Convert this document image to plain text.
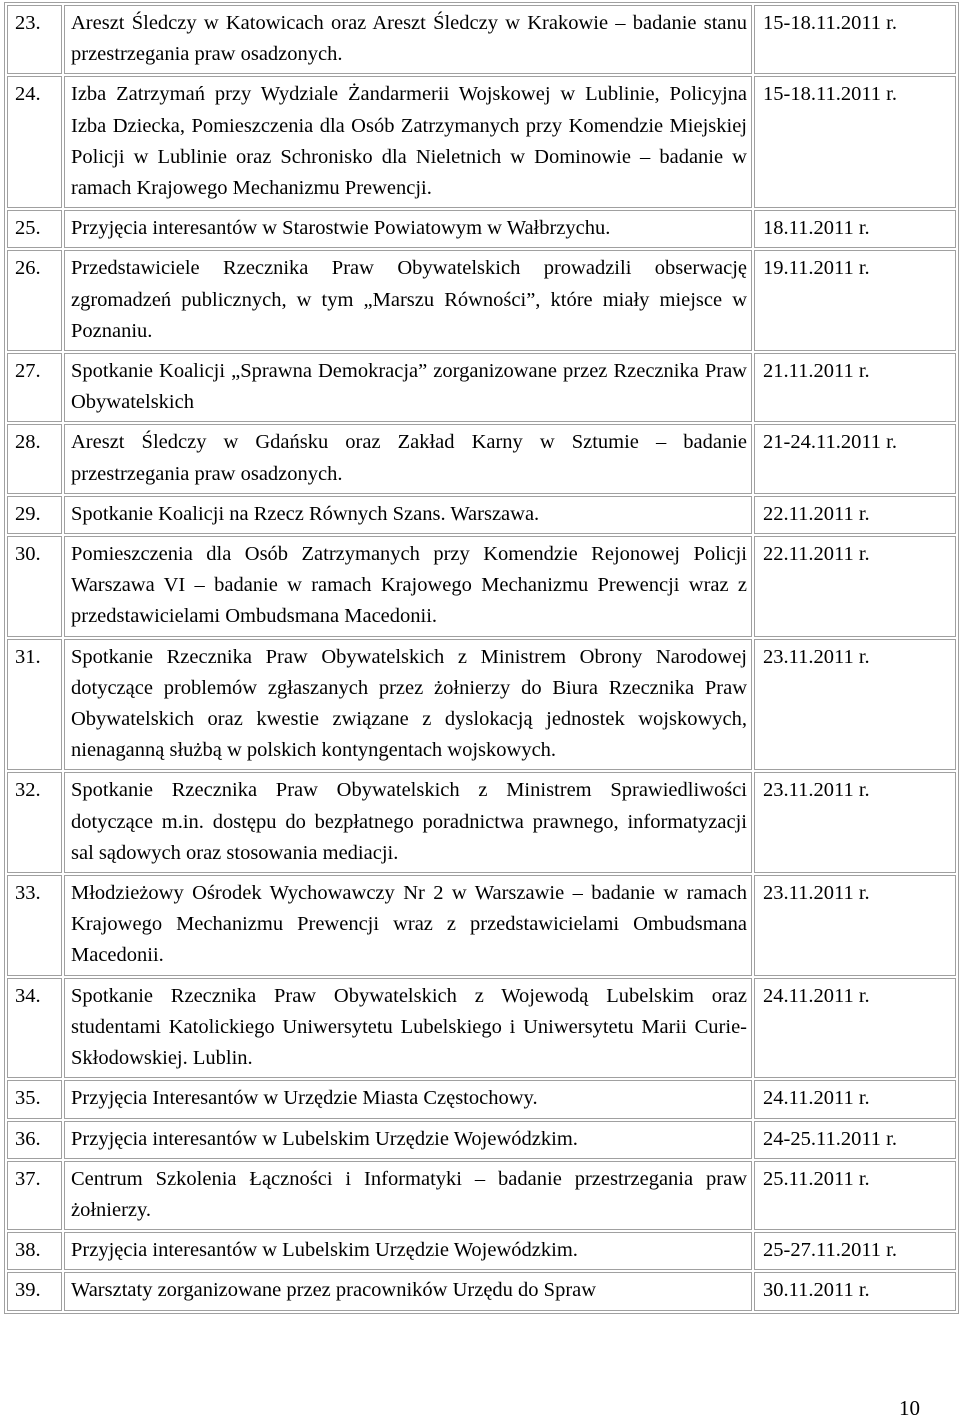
23.	Areszt Śledczy w Katowicach oraz Areszt Śledczy w Krakowie – badanie stanu przestrzegania praw osadzonych.	15-18.11.2011 r.
24.	Izba Zatrzymań przy Wydziale Żandarmerii Wojskowej w Lublinie, Policyjna Izba Dziecka, Pomieszczenia dla Osób Zatrzymanych przy Komendzie Miejskiej Policji w Lublinie oraz Schronisko dla Nieletnich w Dominowie – badanie w ramach Krajowego Mechanizmu Prewencji.	15-18.11.2011 r.
25.	Przyjęcia interesantów w Starostwie Powiatowym w Wałbrzychu.	18.11.2011 r.
26.	Przedstawiciele Rzecznika Praw Obywatelskich prowadzili obserwację zgromadzeń publicznych, w tym „Marszu Równości”, które miały miejsce w Poznaniu.	19.11.2011 r.
27.	Spotkanie Koalicji „Sprawna Demokracja” zorganizowane przez Rzecznika Praw Obywatelskich	21.11.2011 r.
28.	Areszt Śledczy w Gdańsku oraz Zakład Karny w Sztumie – badanie przestrzegania praw osadzonych.	21-24.11.2011 r.
29.	Spotkanie Koalicji na Rzecz Równych Szans. Warszawa.	22.11.2011 r.
30.	Pomieszczenia dla Osób Zatrzymanych przy Komendzie Rejonowej Policji Warszawa VI – badanie w ramach Krajowego Mechanizmu Prewencji wraz z przedstawicielami Ombudsmana Macedonii.	22.11.2011 r.
31.	Spotkanie Rzecznika Praw Obywatelskich z Ministrem Obrony Narodowej dotyczące problemów zgłaszanych przez żołnierzy do Biura Rzecznika Praw Obywatelskich oraz kwestie związane z dyslokacją jednostek wojskowych, nienaganną służbą w polskich kontyngentach wojskowych.	23.11.2011 r.
32.	Spotkanie Rzecznika Praw Obywatelskich z Ministrem Sprawiedliwości dotyczące m.in. dostępu do bezpłatnego poradnictwa prawnego, informatyzacji sal sądowych oraz stosowania mediacji.	23.11.2011 r.
33.	Młodzieżowy Ośrodek Wychowawczy Nr 2 w Warszawie – badanie w ramach Krajowego Mechanizmu Prewencji wraz z przedstawicielami Ombudsmana Macedonii.	23.11.2011 r.
34.	Spotkanie Rzecznika Praw Obywatelskich z Wojewodą Lubelskim oraz studentami Katolickiego Uniwersytetu Lubelskiego i Uniwersytetu Marii Curie-Skłodowskiej. Lublin.	24.11.2011 r.
35.	Przyjęcia Interesantów w Urzędzie Miasta Częstochowy.	24.11.2011 r.
36.	Przyjęcia interesantów w Lubelskim Urzędzie Wojewódzkim.	24-25.11.2011 r.
37.	Centrum Szkolenia Łączności i Informatyki – badanie przestrzegania praw żołnierzy.	25.11.2011 r.
38.	Przyjęcia interesantów w Lubelskim Urzędzie Wojewódzkim.	25-27.11.2011 r.
39.	Warsztaty zorganizowane przez pracowników Urzędu do Spraw	30.11.2011 r.
10
